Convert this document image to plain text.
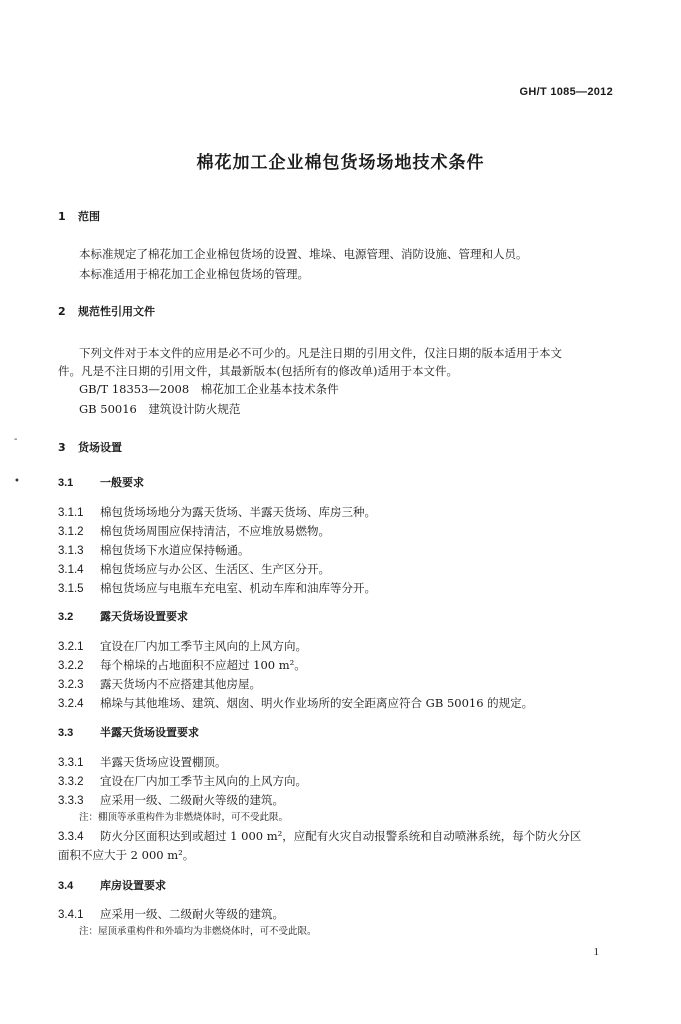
GH/T 1085—2012
棉花加工企业棉包货场场地技术条件
1 范围
本标准规定了棉花加工企业棉包货场的设置、堆垛、电源管理、消防设施、管理和人员。
本标准适用于棉花加工企业棉包货场的管理。
2 规范性引用文件
下列文件对于本文件的应用是必不可少的。凡是注日期的引用文件，仅注日期的版本适用于本文
件。凡是不注日期的引用文件，其最新版本(包括所有的修改单)适用于本文件。
GB/T 18353—2008　棉花加工企业基本技术条件
GB 50016　建筑设计防火规范
-
3 货场设置
•	3.1 一般要求
3.1.1 棉包货场场地分为露天货场、半露天货场、库房三种。
3.1.2 棉包货场周围应保持清洁，不应堆放易燃物。
3.1.3 棉包货场下水道应保持畅通。
3.1.4 棉包货场应与办公区、生活区、生产区分开。
3.1.5 棉包货场应与电瓶车充电室、机动车库和油库等分开。
3.2 露天货场设置要求
3.2.1 宜设在厂内加工季节主风向的上风方向。
3.2.2 每个棉垛的占地面积不应超过 100 m²。
3.2.3 露天货场内不应搭建其他房屋。
3.2.4 棉垛与其他堆场、建筑、烟囱、明火作业场所的安全距离应符合 GB 50016 的规定。
3.3 半露天货场设置要求
3.3.1 半露天货场应设置棚顶。
3.3.2 宜设在厂内加工季节主风向的上风方向。
3.3.3 应采用一级、二级耐火等级的建筑。
注：棚顶等承重构件为非燃烧体时，可不受此限。
3.3.4 防火分区面积达到或超过 1 000 m²，应配有火灾自动报警系统和自动喷淋系统，每个防火分区
面积不应大于 2 000 m²。
3.4 库房设置要求
3.4.1 应采用一级、二级耐火等级的建筑。
注：屋顶承重构件和外墙均为非燃烧体时，可不受此限。
1
